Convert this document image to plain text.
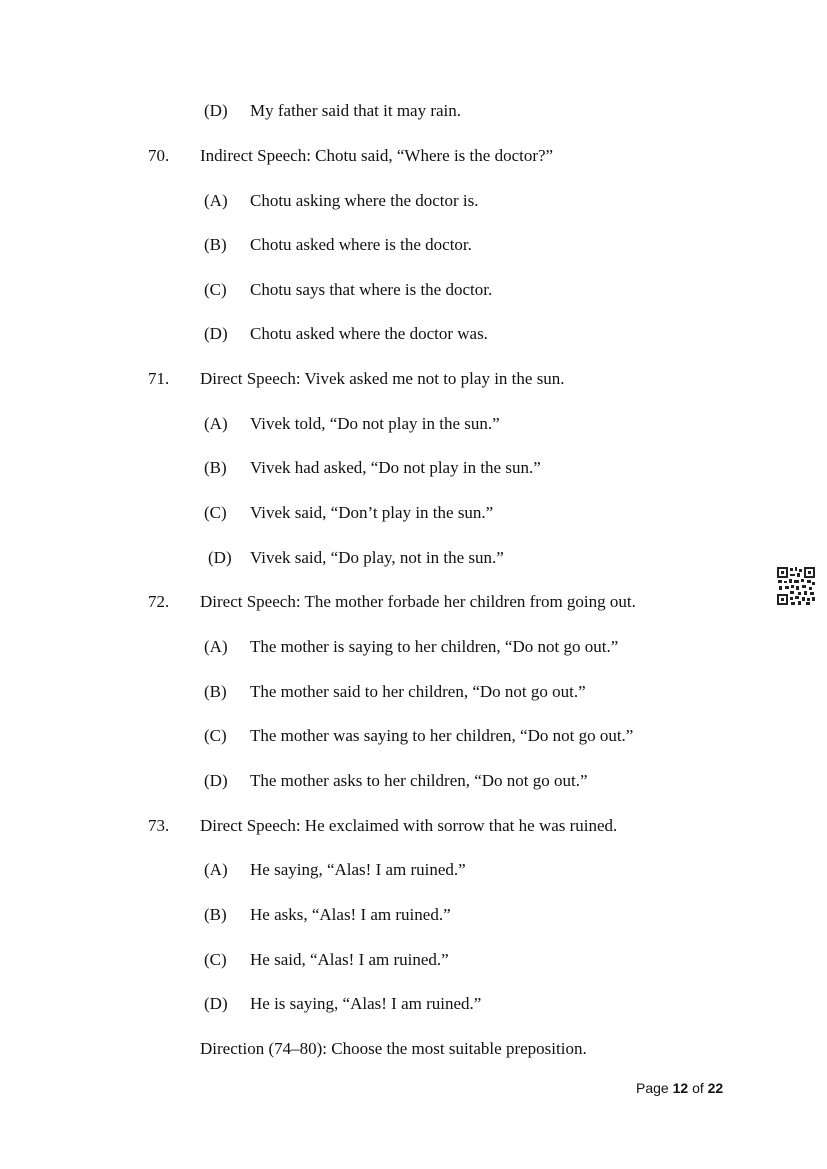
(D) My father said that it may rain.
70. Indirect Speech: Chotu said, “Where is the doctor?”
(A) Chotu asking where the doctor is.
(B) Chotu asked where is the doctor.
(C) Chotu says that where is the doctor.
(D) Chotu asked where the doctor was.
71. Direct Speech: Vivek asked me not to play in the sun.
(A) Vivek told, “Do not play in the sun.”
(B) Vivek had asked, “Do not play in the sun.”
(C) Vivek said, “Don’t play in the sun.”
(D) Vivek said, “Do play, not in the sun.”
72. Direct Speech: The mother forbade her children from going out.
(A) The mother is saying to her children, “Do not go out.”
(B) The mother said to her children, “Do not go out.”
(C) The mother was saying to her children, “Do not go out.”
(D) The mother asks to her children, “Do not go out.”
73. Direct Speech: He exclaimed with sorrow that he was ruined.
(A) He saying, “Alas! I am ruined.”
(B) He asks, “Alas! I am ruined.”
(C) He said, “Alas! I am ruined.”
(D) He is saying, “Alas! I am ruined.”
Direction (74–80): Choose the most suitable preposition.
Page 12 of 22
